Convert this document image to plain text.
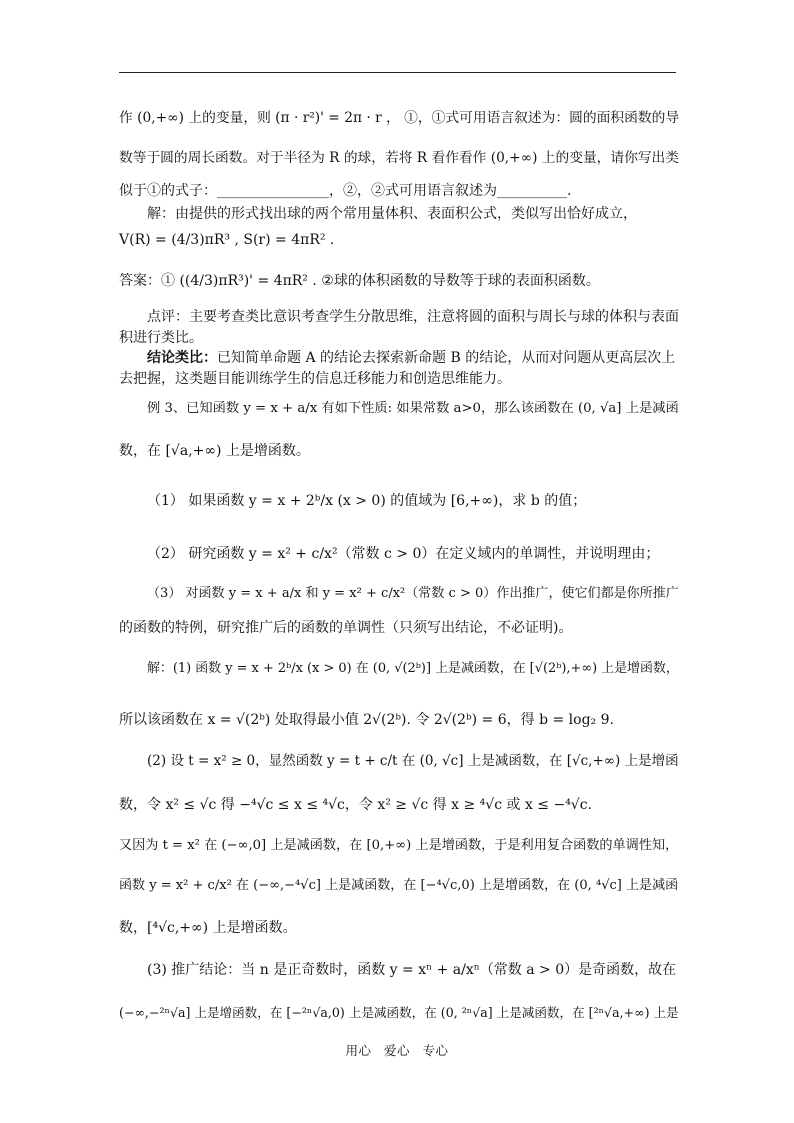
作 (0,+∞) 上的变量，则 (π · r²)' = 2π · r ， ①，①式可用语言叙述为：圆的面积函数的导
数等于圆的周长函数。对于半径为 R 的球，若将 R 看作看作 (0,+∞) 上的变量，请你写出类
似于①的式子：________________，②，②式可用语言叙述为__________.
解：由提供的形式找出球的两个常用量体积、表面积公式，类似写出恰好成立，
V(R) = (4/3)πR³ , S(r) = 4πR² .
答案：① ((4/3)πR³)' = 4πR² . ②球的体积函数的导数等于球的表面积函数。
点评：主要考查类比意识考查学生分散思维，注意将圆的面积与周长与球的体积与表面
积进行类比。
结论类比：已知简单命题 A 的结论去探索新命题 B 的结论，从而对问题从更高层次上
去把握，这类题目能训练学生的信息迁移能力和创造思维能力。
例 3、已知函数 y = x + a/x 有如下性质: 如果常数 a>0，那么该函数在 (0, √a] 上是减函
数，在 [√a,+∞) 上是增函数。
（1） 如果函数 y = x + 2ᵇ/x (x > 0) 的值域为 [6,+∞)，求 b 的值；
（2） 研究函数 y = x² + c/x²（常数 c > 0）在定义域内的单调性，并说明理由；
（3） 对函数 y = x + a/x 和 y = x² + c/x²（常数 c > 0）作出推广，使它们都是你所推广
的函数的特例，研究推广后的函数的单调性（只须写出结论，不必证明)。
解：(1) 函数 y = x + 2ᵇ/x (x > 0) 在 (0, √(2ᵇ)] 上是减函数，在 [√(2ᵇ),+∞) 上是增函数，
所以该函数在 x = √(2ᵇ) 处取得最小值 2√(2ᵇ). 令 2√(2ᵇ) = 6，得 b = log₂ 9.
(2) 设 t = x² ≥ 0，显然函数 y = t + c/t 在 (0, √c] 上是减函数，在 [√c,+∞) 上是增函
数，令 x² ≤ √c 得 −⁴√c ≤ x ≤ ⁴√c，令 x² ≥ √c 得 x ≥ ⁴√c 或 x ≤ −⁴√c.
又因为 t = x² 在 (−∞,0] 上是减函数，在 [0,+∞) 上是增函数，于是利用复合函数的单调性知，
函数 y = x² + c/x² 在 (−∞,−⁴√c] 上是减函数，在 [−⁴√c,0) 上是增函数，在 (0, ⁴√c] 上是减函
数，[⁴√c,+∞) 上是增函数。
(3) 推广结论：当 n 是正奇数时，函数 y = xⁿ + a/xⁿ（常数 a > 0）是奇函数，故在
(−∞,−²ⁿ√a] 上是增函数，在 [−²ⁿ√a,0) 上是减函数，在 (0, ²ⁿ√a] 上是减函数，在 [²ⁿ√a,+∞) 上是
用心 爱心 专心
